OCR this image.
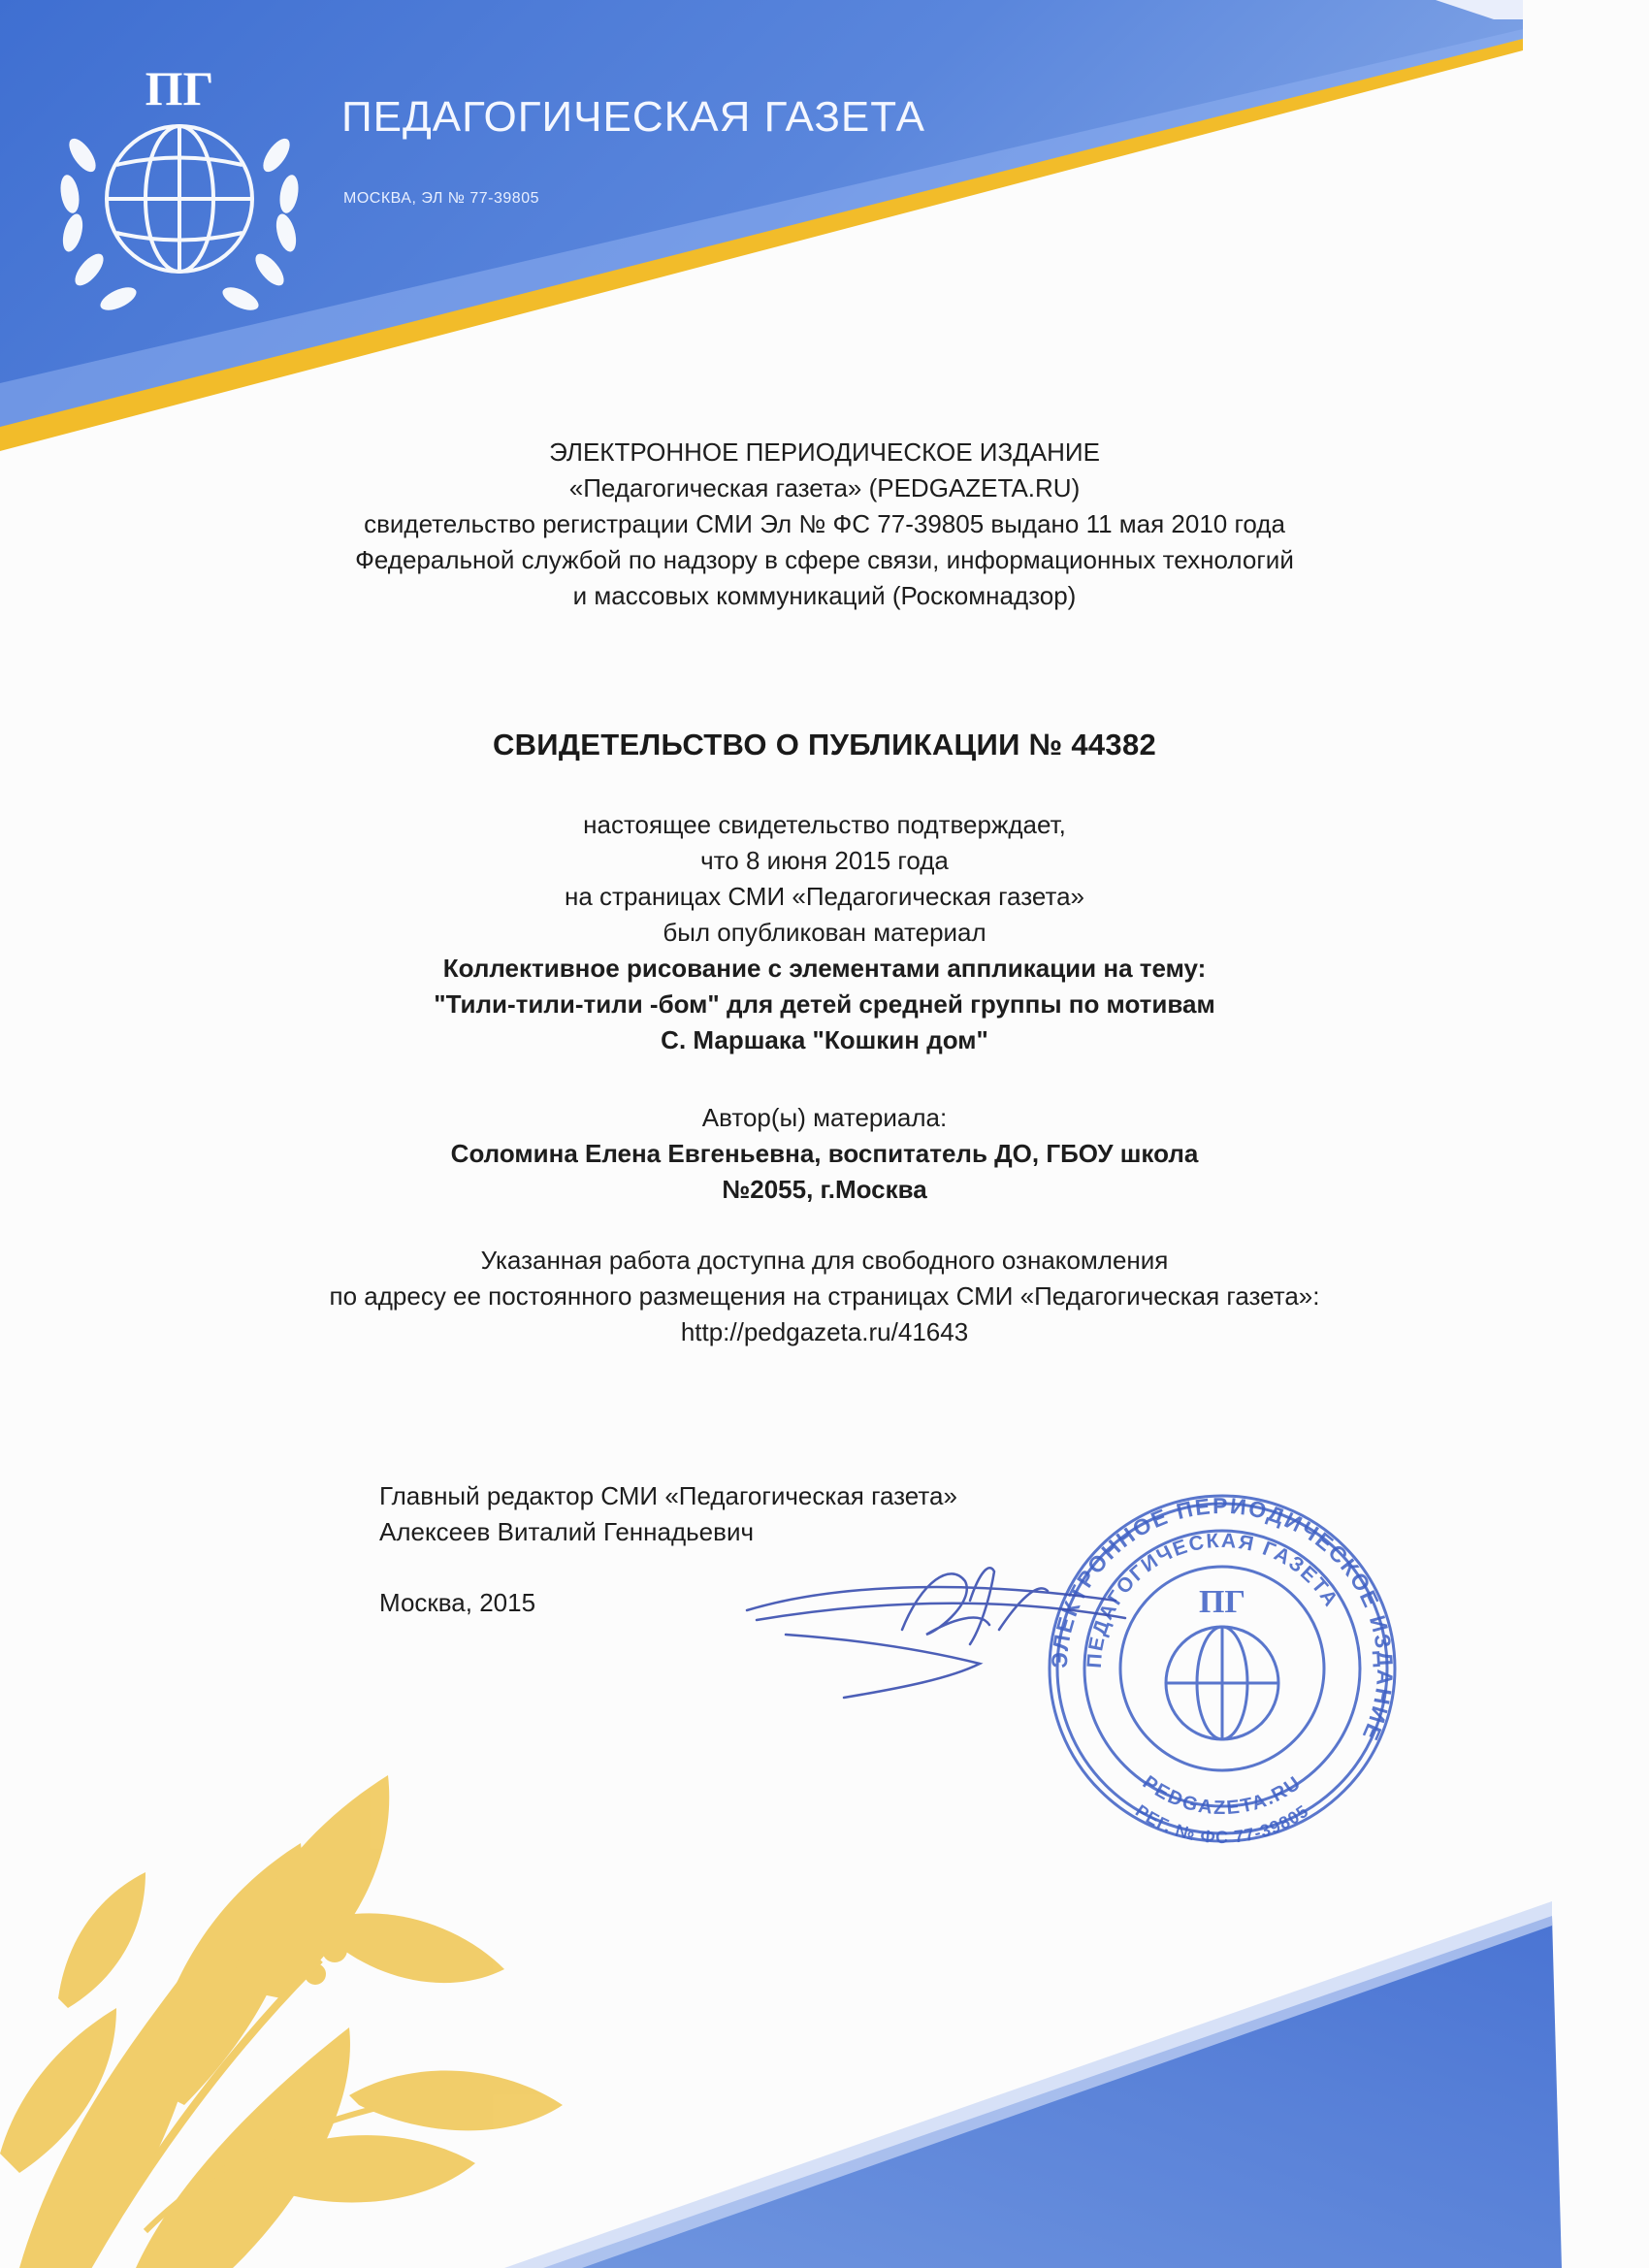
ПГ
ПЕДАГОГИЧЕСКАЯ ГАЗЕТА
МОСКВА, ЭЛ № 77-39805
ЭЛЕКТРОННОЕ ПЕРИОДИЧЕСКОЕ ИЗДАНИЕ
«Педагогическая газета» (PEDGAZETA.RU)
свидетельство регистрации СМИ Эл № ФС 77-39805 выдано 11 мая 2010 года
Федеральной службой по надзору в сфере связи, информационных технологий
и массовых коммуникаций (Роскомнадзор)
СВИДЕТЕЛЬСТВО О ПУБЛИКАЦИИ № 44382
настоящее свидетельство подтверждает,
что 8 июня 2015 года
на страницах СМИ «Педагогическая газета»
был опубликован материал
Коллективное рисование с элементами аппликации на тему:
"Тили-тили-тили -бом" для детей средней группы по мотивам
С. Маршака "Кошкин дом"
Автор(ы) материала:
Соломина Елена Евгеньевна, воспитатель ДО, ГБОУ школа
№2055, г.Москва
Указанная работа доступна для свободного ознакомления
по адресу ее постоянного размещения на страницах СМИ «Педагогическая газета»:
http://pedgazeta.ru/41643
Главный редактор СМИ «Педагогическая газета»
Алексеев Виталий Геннадьевич
Москва, 2015
ЭЛЕКТРОННОЕ ПЕРИОДИЧЕСКОЕ ИЗДАНИЕ
ПЕДАГОГИЧЕСКАЯ ГАЗЕТА
PEDGAZETA.RU
РЕГ. № ФС 77-39805
ПГ
